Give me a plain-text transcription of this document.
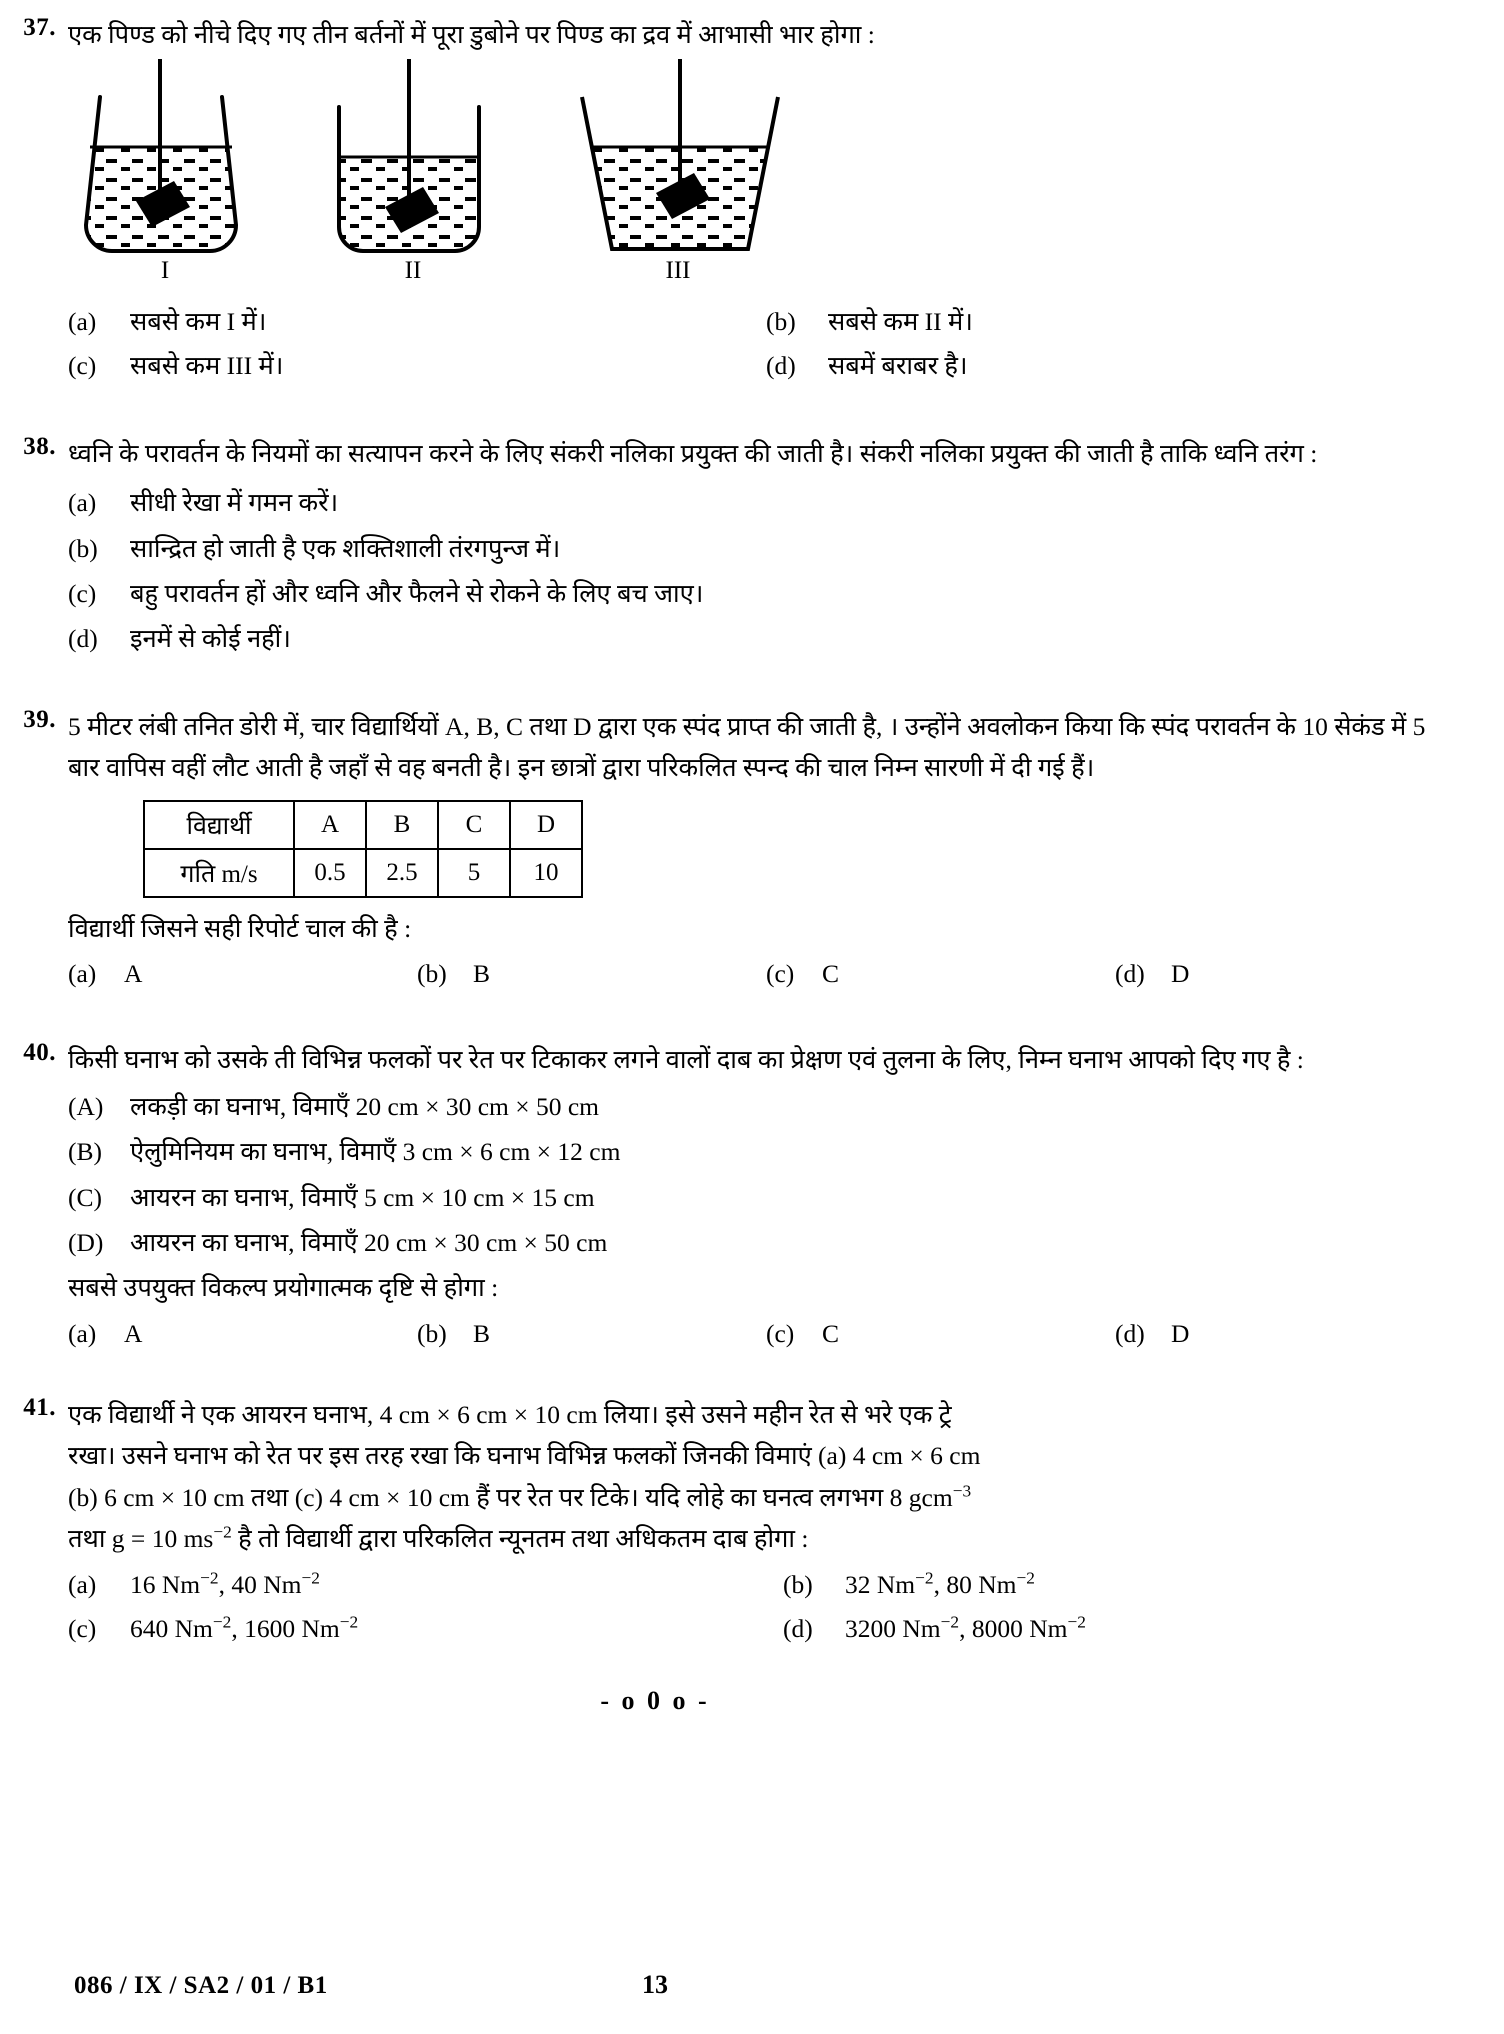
37. एक पिण्ड को नीचे दिए गए तीन बर्तनों में पूरा डुबोने पर पिण्ड का द्रव में आभासी भार होगा :
I	II	III
(a)	सबसे कम I में।	(b)	सबसे कम II में।
(c)	सबसे कम III में।	(d)	सबमें बराबर है।
38. ध्वनि के परावर्तन के नियमों का सत्यापन करने के लिए संकरी नलिका प्रयुक्त की जाती है। संकरी नलिका प्रयुक्त की जाती है ताकि ध्वनि तरंग :
(a)	सीधी रेखा में गमन करें।
(b)	सान्द्रित हो जाती है एक शक्तिशाली तंरगपुन्ज में।
(c)	बहु परावर्तन हों और ध्वनि और फैलने से रोकने के लिए बच जाए।
(d)	इनमें से कोई नहीं।
39. 5 मीटर लंबी तनित डोरी में, चार विद्यार्थियों A, B, C तथा D द्वारा एक स्पंद प्राप्त की जाती है, । उन्होंने अवलोकन किया कि स्पंद परावर्तन के 10 सेकंड में 5 बार वापिस वहीं लौट आती है जहाँ से वह बनती है। इन छात्रों द्वारा परिकलित स्पन्द की चाल निम्न सारणी में दी गई हैं।
विद्यार्थी	A	B	C	D
गति m/s	0.5	2.5	5	10
विद्यार्थी जिसने सही रिपोर्ट चाल की है :
(a)	A	(b)	B	(c)	C	(d)	D
40. किसी घनाभ को उसके ती विभिन्न फलकों पर रेत पर टिकाकर लगने वालों दाब का प्रेक्षण एवं तुलना के लिए, निम्न घनाभ आपको दिए गए है :
(A)	लकड़ी का घनाभ, विमाएँ 20 cm × 30 cm × 50 cm
(B)	ऐलुमिनियम का घनाभ, विमाएँ 3 cm × 6 cm × 12 cm
(C)	आयरन का घनाभ, विमाएँ 5 cm × 10 cm × 15 cm
(D)	आयरन का घनाभ, विमाएँ 20 cm × 30 cm × 50 cm
सबसे उपयुक्त विकल्प प्रयोगात्मक दृष्टि से होगा :
(a)	A	(b)	B	(c)	C	(d)	D
41. एक विद्यार्थी ने एक आयरन घनाभ, 4 cm × 6 cm × 10 cm लिया। इसे उसने महीन रेत से भरे एक ट्रे
रखा। उसने घनाभ को रेत पर इस तरह रखा कि घनाभ विभिन्न फलकों जिनकी विमाएं (a) 4 cm × 6 cm
(b) 6 cm × 10 cm तथा (c) 4 cm × 10 cm हैं पर रेत पर टिके। यदि लोहे का घनत्व लगभग 8 gcm$^{-3}$
तथा g = 10 $ms^{-2}$ है तो विद्यार्थी द्वारा परिकलित न्यूनतम तथा अधिकतम दाब होगा :
(a)	16 $Nm^{-2}$, 40 $Nm^{-2}$	(b)	32 $Nm^{-2}$, 80 $Nm^{-2}$
(c)	640 $Nm^{-2}$, 1600 $Nm^{-2}$	(d)	3200 $Nm^{-2}$, 8000 $Nm^{-2}$
- o 0 o -
086 / IX / SA2 / 01 / B1	13
